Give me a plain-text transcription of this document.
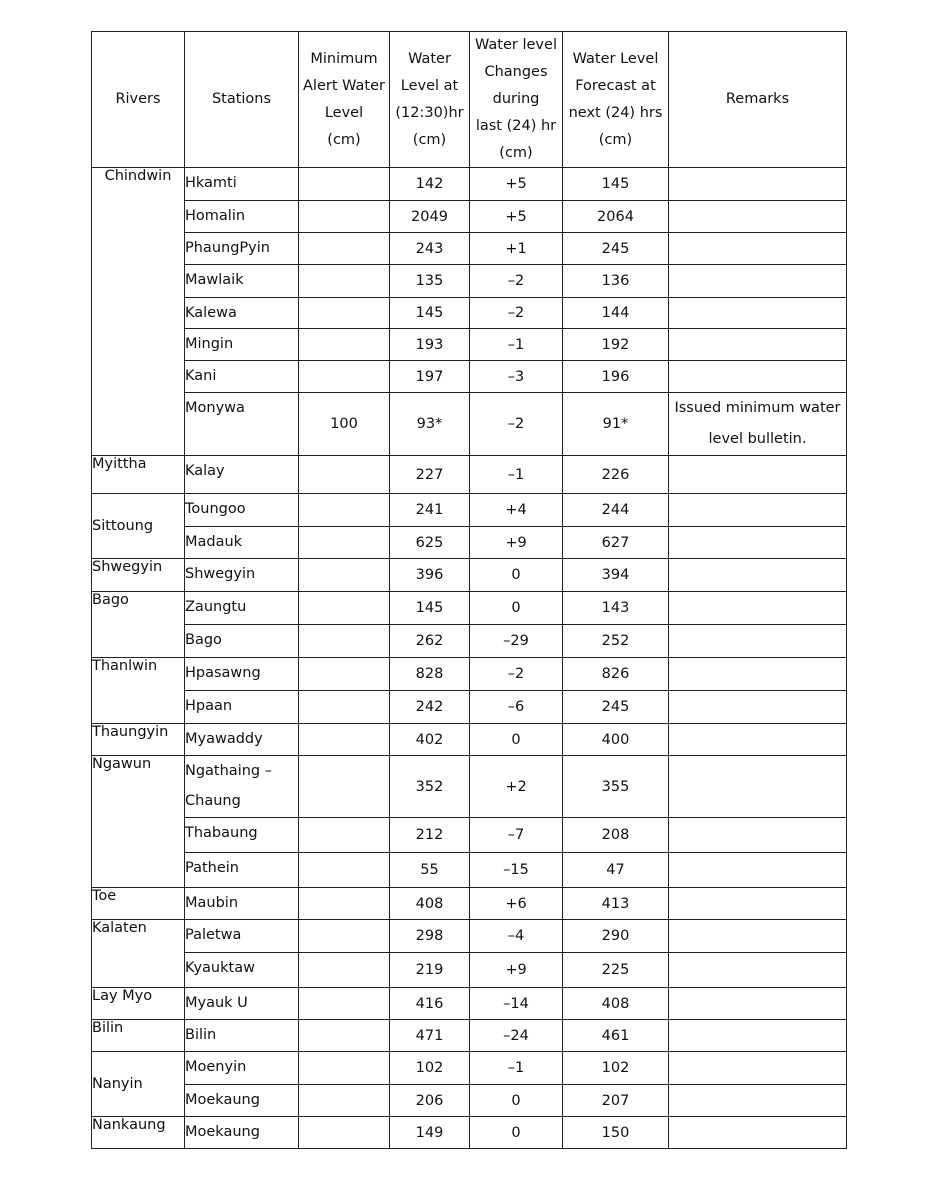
Rivers	Stations	Minimum
Alert Water
Level
(cm)	Water
Level at
(12:30)hr
(cm)	Water level
Changes
during
last (24) hr
(cm)	Water Level
Forecast at
next (24) hrs
(cm)	Remarks

Chindwin	Hkamti		142	+5	145	

	Homalin		2049	+5	2064	

	PhaungPyin		243	+1	245	

	Mawlaik		135	–2	136	

	Kalewa		145	–2	144	

	Mingin		193	–1	192	

	Kani		197	–3	196	

	Monywa	100	93*	–2	91*	Issued minimum water
level bulletin.
Myittha	Kalay		227	–1	226	
Sittoung	Toungoo		241	+4	244	

	Madauk		625	+9	627	
Shwegyin	Shwegyin		396	0	394	
Bago	Zaungtu		145	0	143	

	Bago		262	–29	252	
Thanlwin	Hpasawng		828	–2	826	

	Hpaan		242	–6	245	
Thaungyin	Myawaddy		402	0	400	
Ngawun	Ngathaing –
Chaung		352	+2	355	

	Thabaung		212	–7	208	

	Pathein		55	–15	47	
Toe	Maubin		408	+6	413	
Kalaten	Paletwa		298	–4	290	

	Kyauktaw		219	+9	225	
Lay Myo	Myauk U		416	–14	408	
Bilin	Bilin		471	–24	461	
Nanyin	Moenyin		102	–1	102	

	Moekaung		206	0	207	
Nankaung	Moekaung		149	0	150	
